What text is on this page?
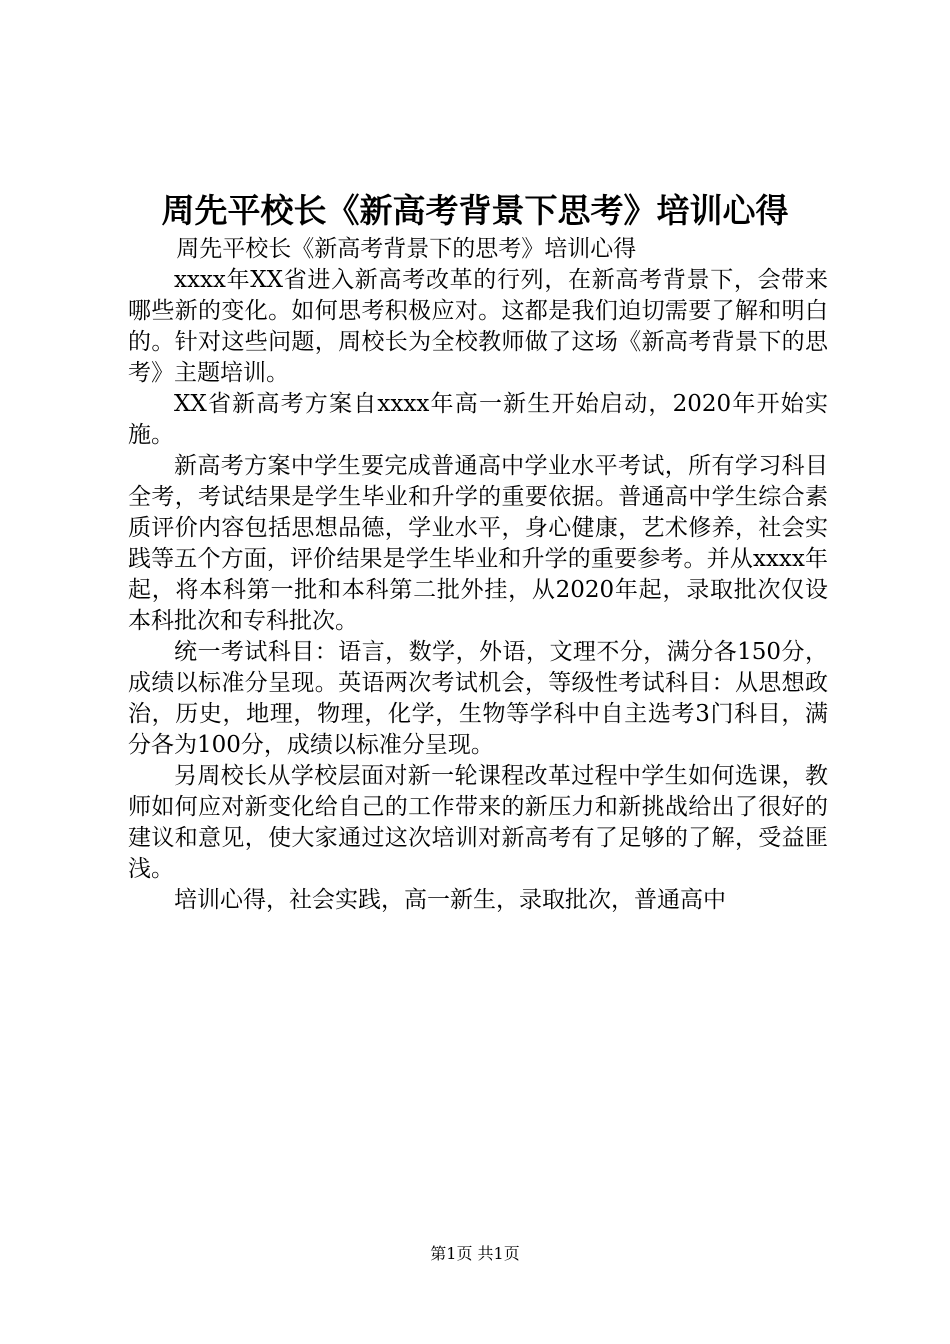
周先平校长《新高考背景下思考》培训心得

周先平校长《新高考背景下的思考》培训心得

xxxx年XX省进入新高考改革的行列，在新高考背景下，会带来哪些新的变化。如何思考积极应对。这都是我们迫切需要了解和明白的。针对这些问题，周校长为全校教师做了这场《新高考背景下的思考》主题培训。

XX省新高考方案自xxxx年高一新生开始启动，2020年开始实施。

新高考方案中学生要完成普通高中学业水平考试，所有学习科目全考，考试结果是学生毕业和升学的重要依据。普通高中学生综合素质评价内容包括思想品德，学业水平，身心健康，艺术修养，社会实践等五个方面，评价结果是学生毕业和升学的重要参考。并从xxxx年起，将本科第一批和本科第二批外挂，从2020年起，录取批次仅设本科批次和专科批次。

统一考试科目：语言，数学，外语，文理不分，满分各150分，成绩以标准分呈现。英语两次考试机会，等级性考试科目：从思想政治，历史，地理，物理，化学，生物等学科中自主选考3门科目，满分各为100分，成绩以标准分呈现。

另周校长从学校层面对新一轮课程改革过程中学生如何选课，教师如何应对新变化给自己的工作带来的新压力和新挑战给出了很好的建议和意见，使大家通过这次培训对新高考有了足够的了解，受益匪浅。

培训心得，社会实践，高一新生，录取批次，普通高中

第1页 共1页
